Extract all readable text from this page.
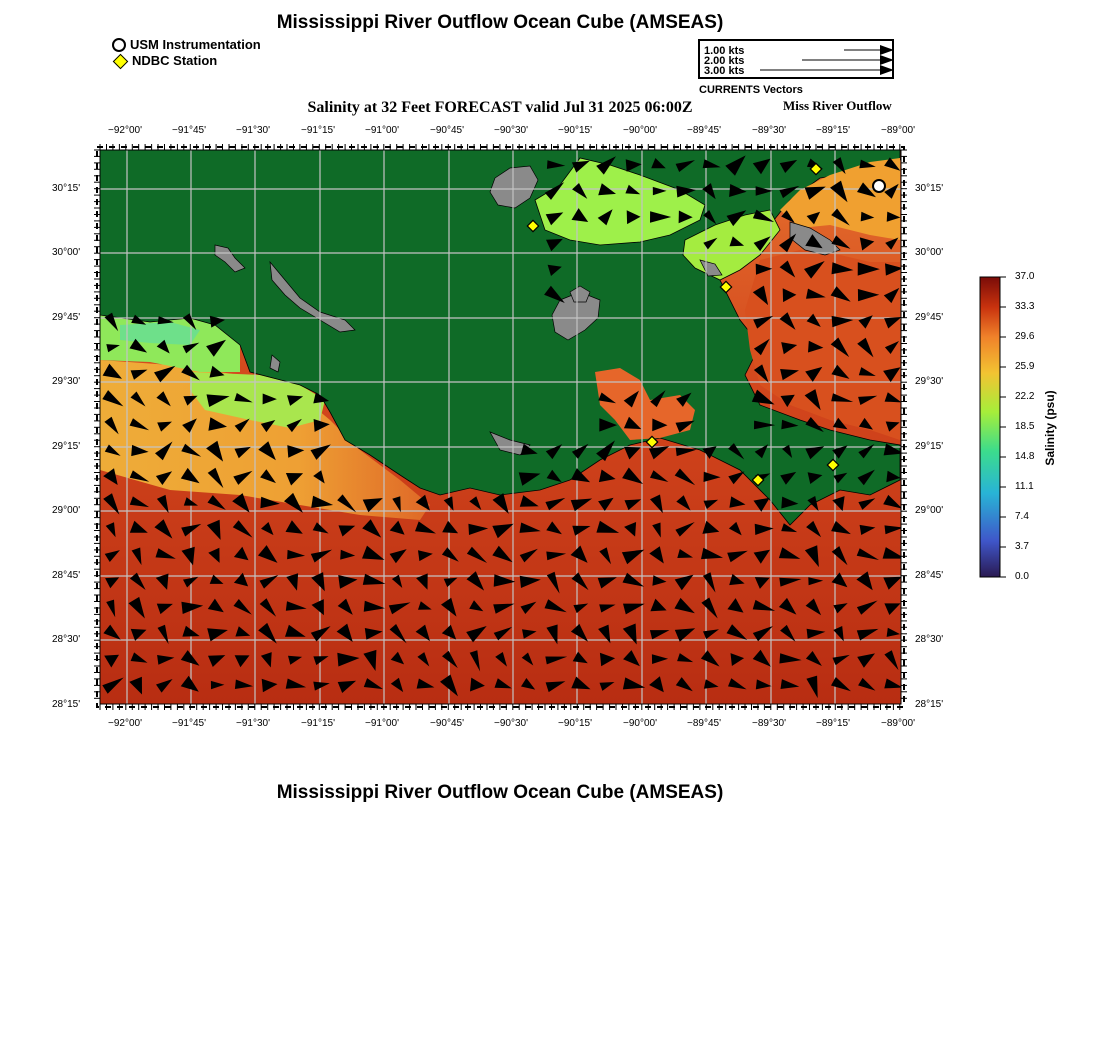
Mississippi River Outflow Ocean Cube (AMSEAS)
USM Instrumentation
NDBC Station
1.00 kts
2.00 kts
3.00 kts
CURRENTS Vectors
Salinity at 32 Feet FORECAST valid Jul 31 2025 06:00Z	Miss River Outflow
−92°00'	−91°45'	−91°30'	−91°15'	−91°00'	−90°45'	−90°30'	−90°15'	−90°00'	−89°45'	−89°30'	−89°15'	−89°00'
−92°00'	−91°45'	−91°30'	−91°15'	−91°00'	−90°45'	−90°30'	−90°15'	−90°00'	−89°45'	−89°30'	−89°15'	−89°00'
30°15'
30°00'
29°45'
29°30'
29°15'
29°00'
28°45'
28°30'
28°15'
30°15'
30°00'
29°45'
29°30'
29°15'
29°00'
28°45'
28°30'
28°15'
37.0
33.3
29.6
25.9
22.2
18.5
14.8
11.1
7.4
3.7
0.0
Salinity (psu)
Mississippi River Outflow Ocean Cube (AMSEAS)
